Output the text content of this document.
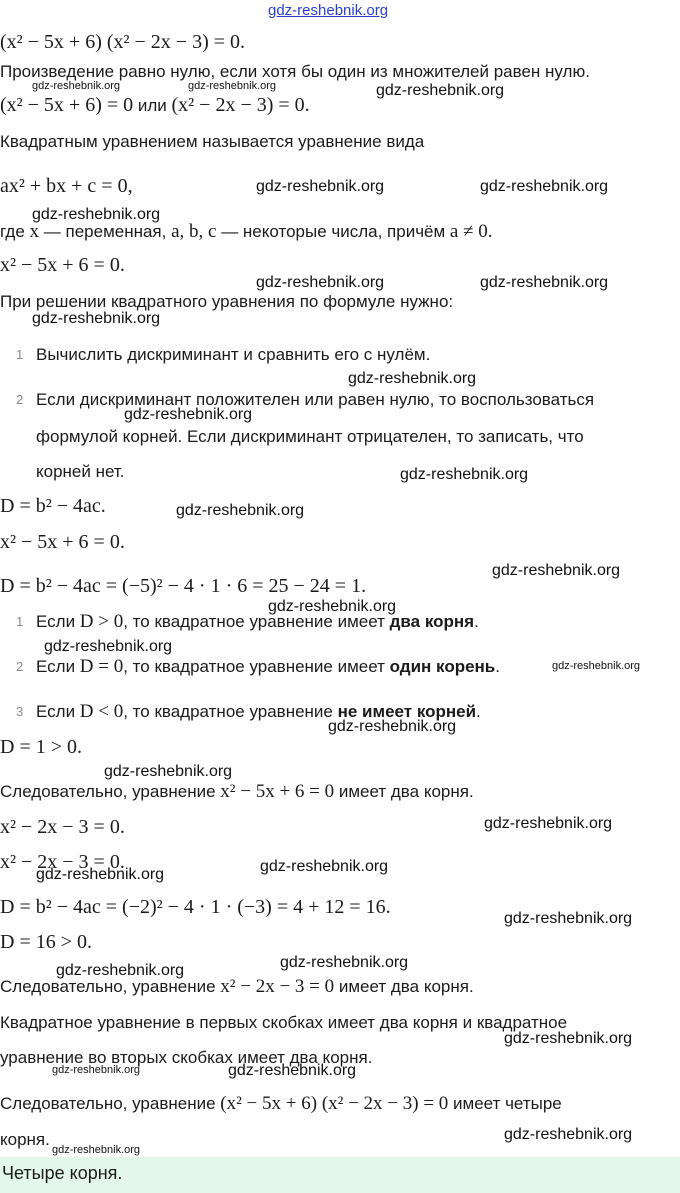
gdz-reshebnik.org
gdz-reshebnik.org	gdz-reshebnik.org	gdz-reshebnik.org
gdz-reshebnik.org	gdz-reshebnik.org
gdz-reshebnik.org
gdz-reshebnik.org	gdz-reshebnik.org
gdz-reshebnik.org
gdz-reshebnik.org
gdz-reshebnik.org
gdz-reshebnik.org
gdz-reshebnik.org
gdz-reshebnik.org
gdz-reshebnik.org
gdz-reshebnik.org
gdz-reshebnik.org
gdz-reshebnik.org
gdz-reshebnik.org
gdz-reshebnik.org
gdz-reshebnik.org
gdz-reshebnik.org
gdz-reshebnik.org
gdz-reshebnik.org
gdz-reshebnik.org
gdz-reshebnik.org
gdz-reshebnik.org	gdz-reshebnik.org
gdz-reshebnik.org
gdz-reshebnik.org
(x² − 5x + 6) (x² − 2x − 3) = 0.
Произведение равно нулю, если хотя бы один из множителей равен нулю.
(x² − 5x + 6) = 0 или (x² − 2x − 3) = 0.
Квадратным уравнением называется уравнение вида
ax² + bx + c = 0,
где x — переменная, a, b, c — некоторые числа, причём a ≠ 0.
x² − 5x + 6 = 0.
При решении квадратного уравнения по формуле нужно:
1 Вычислить дискриминант и сравнить его с нулём.
2 Если дискриминант положителен или равен нулю, то воспользоваться
формулой корней. Если дискриминант отрицателен, то записать, что
корней нет.
D = b² − 4ac.
x² − 5x + 6 = 0.
D = b² − 4ac = (−5)² − 4 · 1 · 6 = 25 − 24 = 1.
1 Если D > 0, то квадратное уравнение имеет два корня.
2 Если D = 0, то квадратное уравнение имеет один корень.
3 Если D < 0, то квадратное уравнение не имеет корней.
D = 1 > 0.
Следовательно, уравнение x² − 5x + 6 = 0 имеет два корня.
x² − 2x − 3 = 0.
x² − 2x − 3 = 0.
D = b² − 4ac = (−2)² − 4 · 1 · (−3) = 4 + 12 = 16.
D = 16 > 0.
Следовательно, уравнение x² − 2x − 3 = 0 имеет два корня.
Квадратное уравнение в первых скобках имеет два корня и квадратное
уравнение во вторых скобках имеет два корня.
Следовательно, уравнение (x² − 5x + 6) (x² − 2x − 3) = 0 имеет четыре
корня.
Четыре корня.
